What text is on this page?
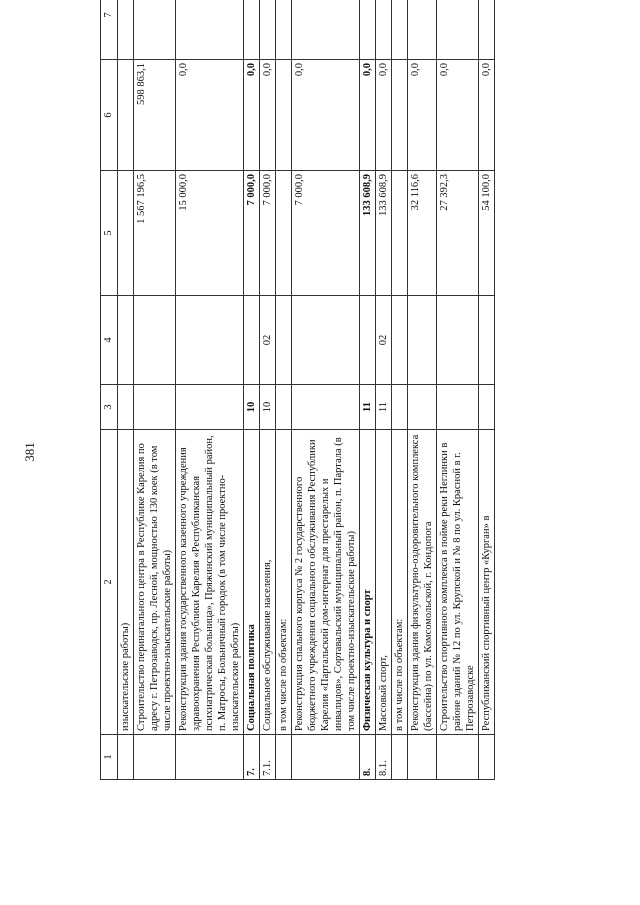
381
1	2	3	4	5	6	7
	изыскательские работы)					
	Строительство перинатального центра в Республике Карелия по адресу г. Петрозаводск, пр. Лесной, мощностью 130 коек (в том числе проектно-изыскательские работы)			1 567 196,5	598 863,1	
	Реконструкция здания государственного казенного учреждения здравоохранения Республики Карелия «Республиканская психиатрическая больница», Пряжинский муниципальный район, п. Матросы, Больничный городок (в том числе проектно-изыскательские работы)			15 000,0	0,0	
7.	Социальная политика	10		7 000,0	0,0	
7.1.	Социальное обслуживание населения,	10	02	7 000,0	0,0	
	в том числе по объектам:					
	Реконструкция спального корпуса № 2 государственного бюджетного учреждения социального обслуживания Республики Карелия «Партальский дом-интернат для престарелых и инвалидов», Сортавальский муниципальный район, п. Партала (в том числе проектно-изыскательские работы)			7 000,0	0,0	
8.	Физическая культура и спорт	11		133 608,9	0,0	
8.1.	Массовый спорт,	11	02	133 608,9	0,0	
	в том числе по объектам:					
	Реконструкция здания физкультурно-оздоровительного комплекса (бассейна) по ул. Комсомольской, г. Кондопога			32 116,6	0,0	
	Строительство спортивного комплекса в пойме реки Неглинки в районе зданий № 12 по ул. Крупской и № 8 по ул. Красной в г. Петрозаводске			27 392,3	0,0	
	Республиканский спортивный центр «Курган» в			54 100,0	0,0	
